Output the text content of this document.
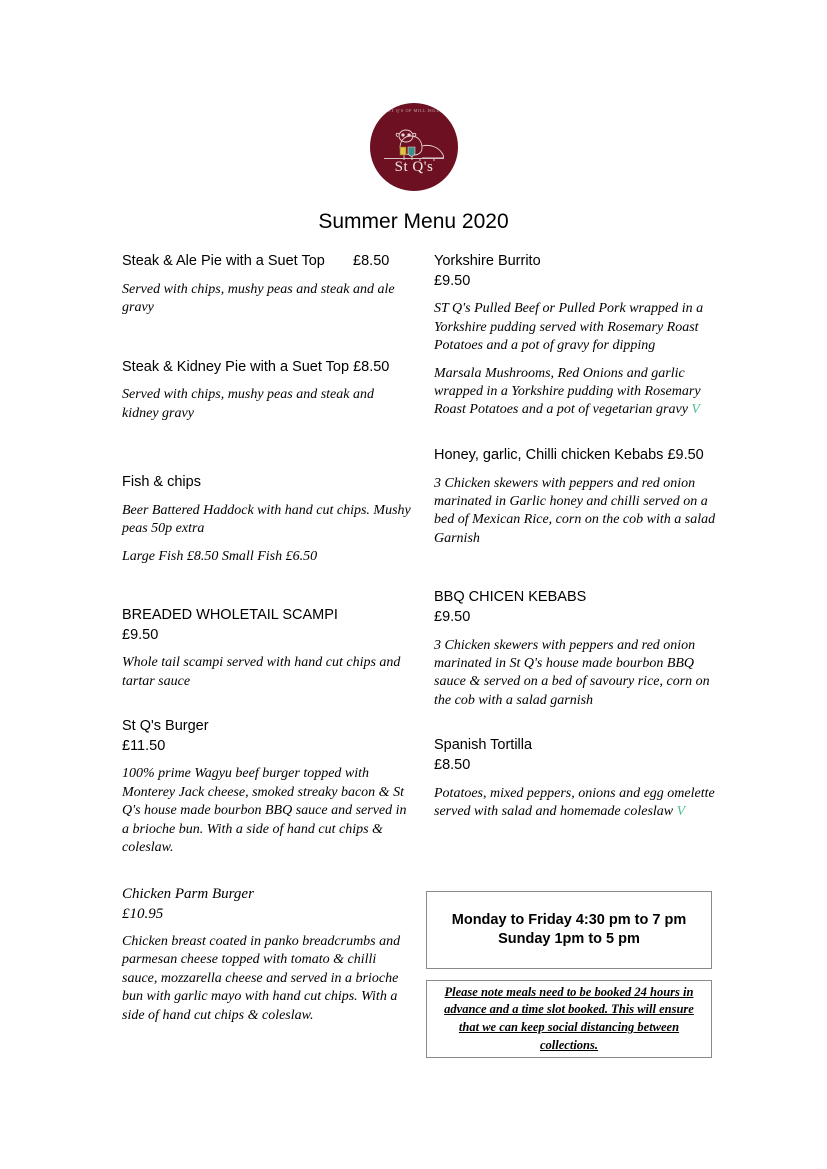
ST Q'S OF MILL HILL
St Q's
Summer Menu 2020
Steak & Ale Pie with a Suet Top       £8.50
Served with chips, mushy peas and steak and ale gravy
Steak & Kidney Pie with a Suet Top £8.50
Served with chips, mushy peas and steak and kidney gravy
Fish & chips
Beer Battered Haddock with hand cut chips. Mushy peas 50p extra
Large Fish £8.50 Small Fish £6.50
BREADED WHOLETAIL SCAMPI
£9.50
Whole tail scampi served with hand cut chips and tartar sauce
St Q's Burger
£11.50
100% prime Wagyu beef burger topped with Monterey Jack cheese, smoked streaky bacon & St Q's house made bourbon BBQ sauce and served in a brioche bun. With a side of hand cut chips & coleslaw.
Chicken Parm Burger
£10.95
Chicken breast coated in panko breadcrumbs and parmesan cheese topped with tomato & chilli sauce, mozzarella cheese and served in a brioche bun with garlic mayo with hand cut chips. With a side of hand cut chips & coleslaw.
Yorkshire Burrito
£9.50
ST Q's Pulled Beef or Pulled Pork wrapped in a Yorkshire pudding served with Rosemary Roast Potatoes and a pot of gravy for dipping
Marsala Mushrooms, Red Onions and garlic wrapped in a Yorkshire pudding with Rosemary Roast Potatoes and a pot of vegetarian gravy V
Honey, garlic, Chilli chicken Kebabs £9.50
3 Chicken skewers with peppers and red onion marinated in Garlic honey and chilli served on a bed of Mexican Rice, corn on the cob with a salad Garnish
BBQ CHICEN KEBABS
£9.50
3 Chicken skewers with peppers and red onion marinated in St Q's house made bourbon BBQ sauce & served on a bed of savoury rice, corn on the cob with a salad garnish
Spanish Tortilla
£8.50
Potatoes, mixed peppers, onions and egg omelette served with salad and homemade coleslaw V
Monday to Friday 4:30 pm to 7 pm
Sunday 1pm to 5 pm
Please note meals need to be booked 24 hours in advance and a time slot booked. This will ensure that we can keep social distancing between collections.
